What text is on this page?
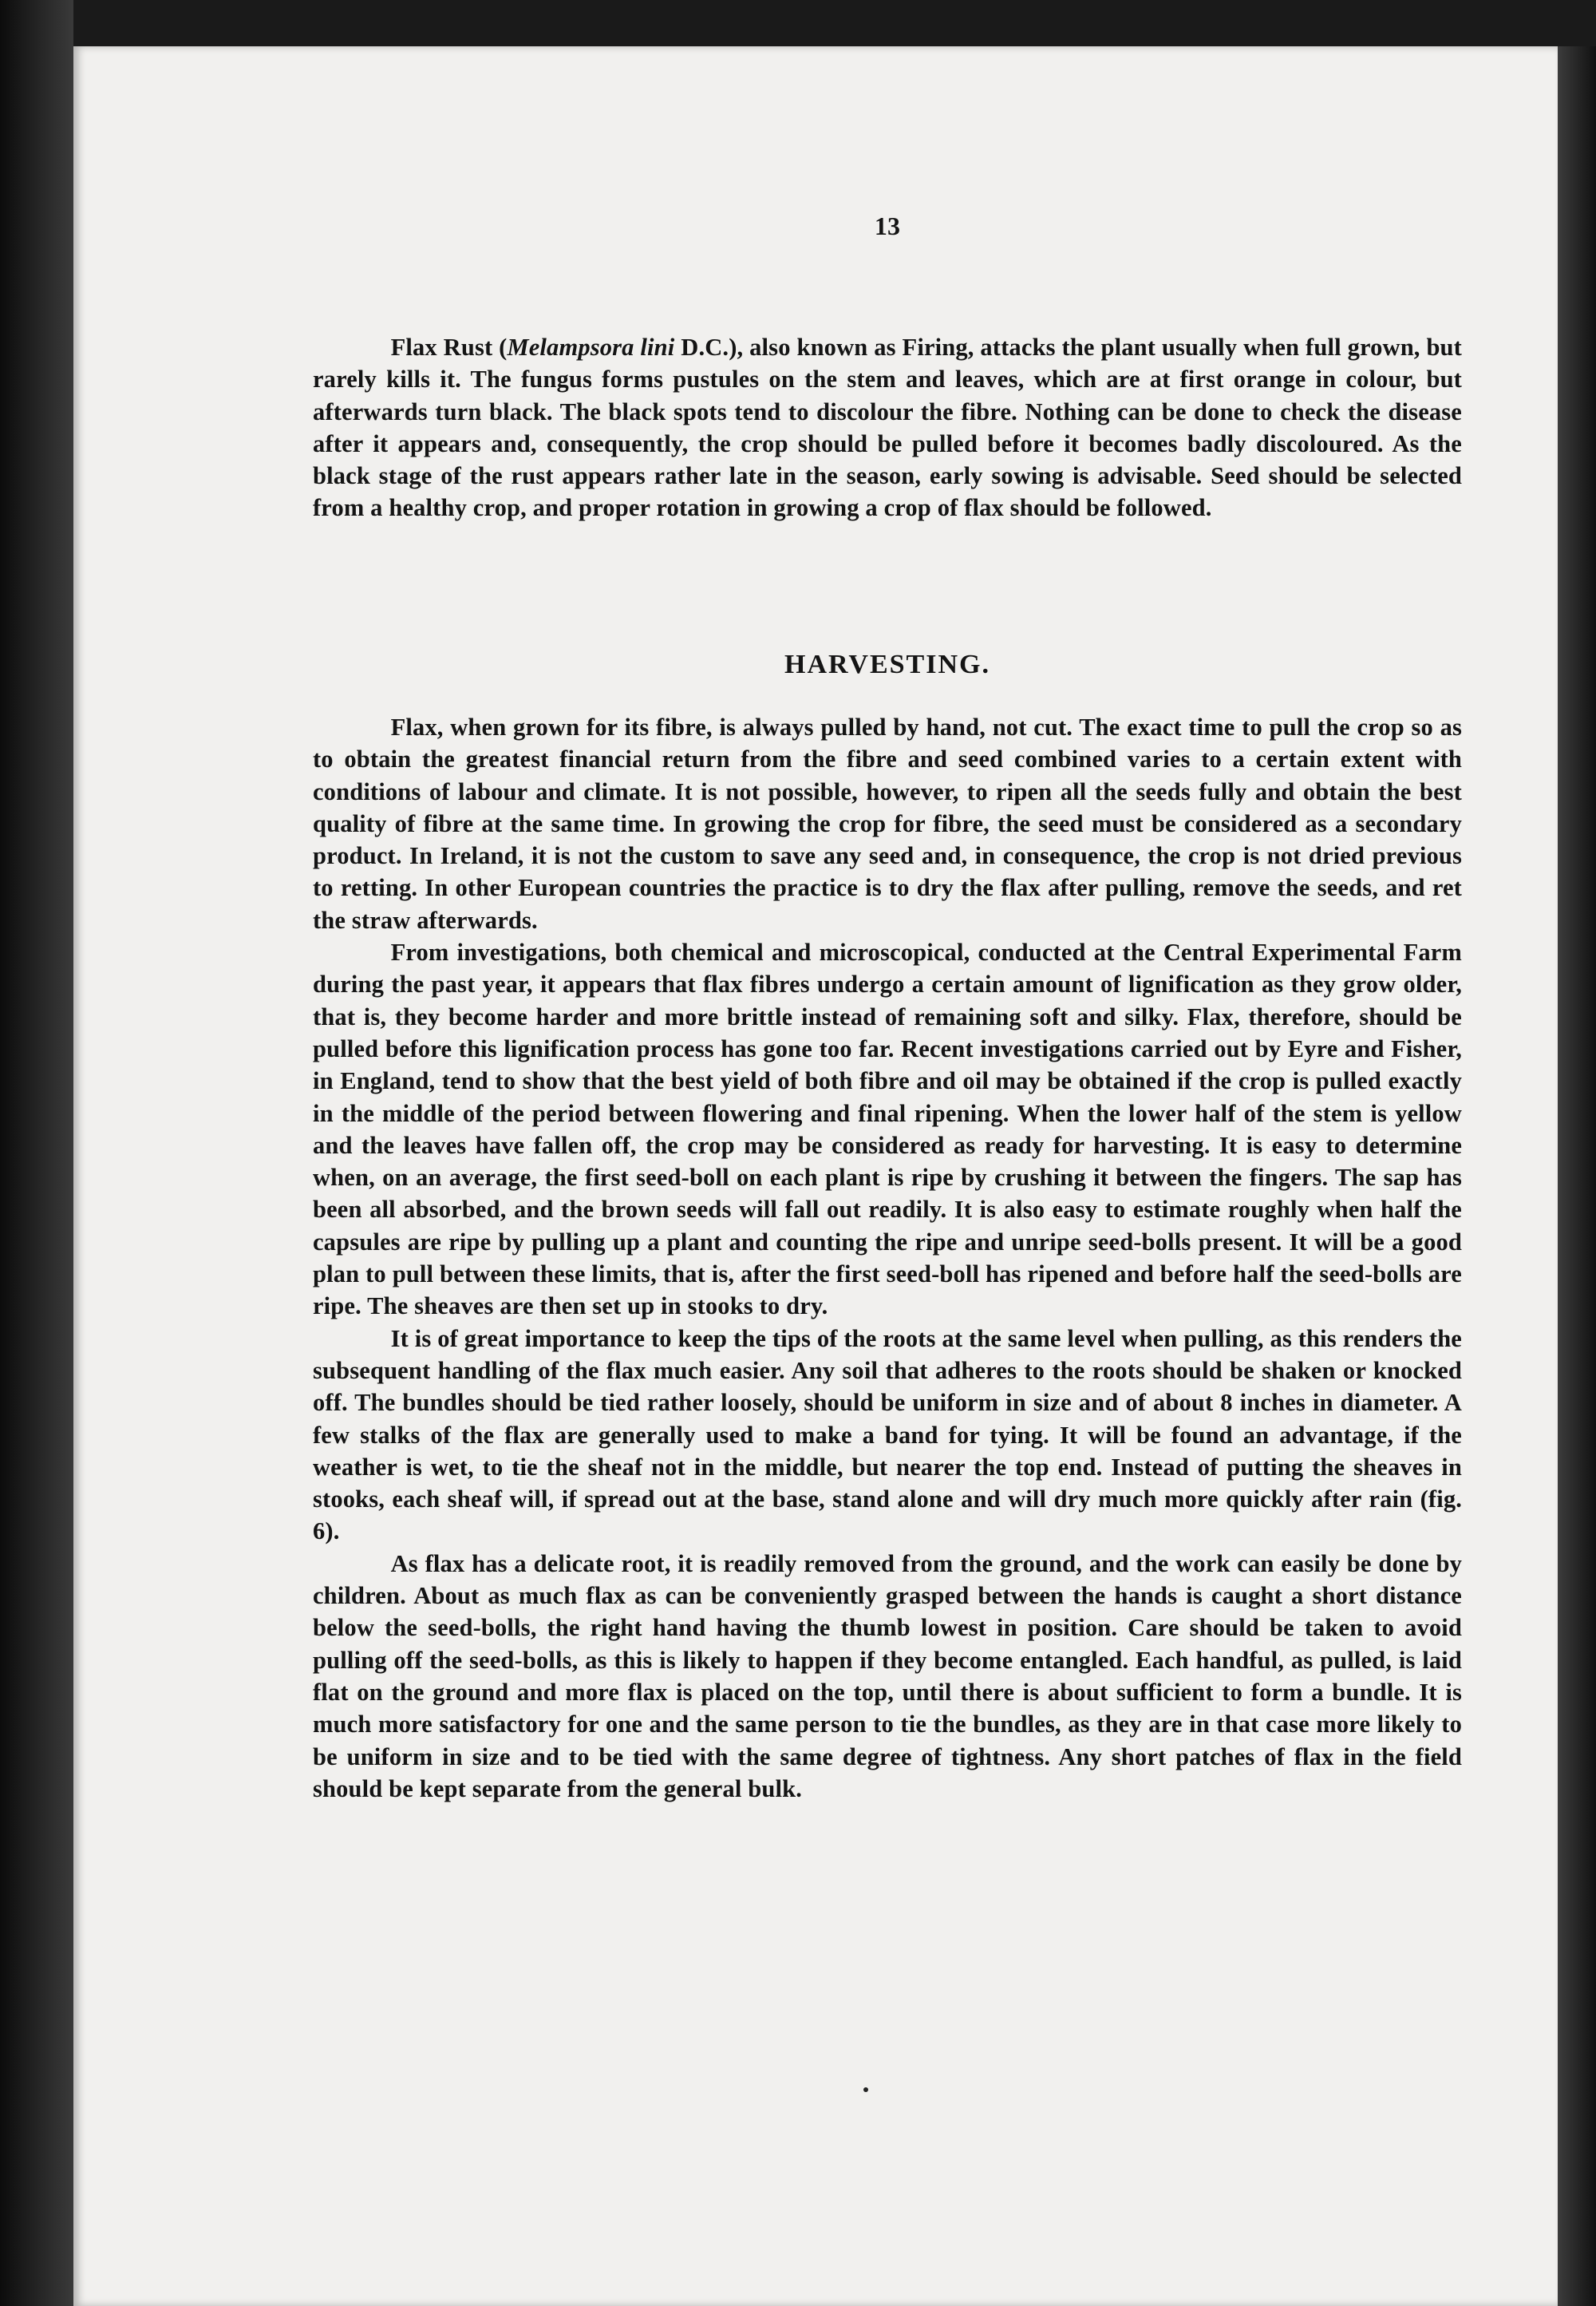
13

Flax Rust (Melampsora lini D.C.), also known as Firing, attacks the plant usually when full grown, but rarely kills it. The fungus forms pustules on the stem and leaves, which are at first orange in colour, but afterwards turn black. The black spots tend to discolour the fibre. Nothing can be done to check the disease after it appears and, consequently, the crop should be pulled before it becomes badly discoloured. As the black stage of the rust appears rather late in the season, early sowing is advisable. Seed should be selected from a healthy crop, and proper rotation in growing a crop of flax should be followed.

HARVESTING.

Flax, when grown for its fibre, is always pulled by hand, not cut. The exact time to pull the crop so as to obtain the greatest financial return from the fibre and seed combined varies to a certain extent with conditions of labour and climate. It is not possible, however, to ripen all the seeds fully and obtain the best quality of fibre at the same time. In growing the crop for fibre, the seed must be considered as a secondary product. In Ireland, it is not the custom to save any seed and, in consequence, the crop is not dried previous to retting. In other European countries the practice is to dry the flax after pulling, remove the seeds, and ret the straw afterwards.

From investigations, both chemical and microscopical, conducted at the Central Experimental Farm during the past year, it appears that flax fibres undergo a certain amount of lignification as they grow older, that is, they become harder and more brittle instead of remaining soft and silky. Flax, therefore, should be pulled before this lignification process has gone too far. Recent investigations carried out by Eyre and Fisher, in England, tend to show that the best yield of both fibre and oil may be obtained if the crop is pulled exactly in the middle of the period between flowering and final ripening. When the lower half of the stem is yellow and the leaves have fallen off, the crop may be considered as ready for harvesting. It is easy to determine when, on an average, the first seed-boll on each plant is ripe by crushing it between the fingers. The sap has been all absorbed, and the brown seeds will fall out readily. It is also easy to estimate roughly when half the capsules are ripe by pulling up a plant and counting the ripe and unripe seed-bolls present. It will be a good plan to pull between these limits, that is, after the first seed-boll has ripened and before half the seed-bolls are ripe. The sheaves are then set up in stooks to dry.

It is of great importance to keep the tips of the roots at the same level when pulling, as this renders the subsequent handling of the flax much easier. Any soil that adheres to the roots should be shaken or knocked off. The bundles should be tied rather loosely, should be uniform in size and of about 8 inches in diameter. A few stalks of the flax are generally used to make a band for tying. It will be found an advantage, if the weather is wet, to tie the sheaf not in the middle, but nearer the top end. Instead of putting the sheaves in stooks, each sheaf will, if spread out at the base, stand alone and will dry much more quickly after rain (fig. 6).

As flax has a delicate root, it is readily removed from the ground, and the work can easily be done by children. About as much flax as can be conveniently grasped between the hands is caught a short distance below the seed-bolls, the right hand having the thumb lowest in position. Care should be taken to avoid pulling off the seed-bolls, as this is likely to happen if they become entangled. Each handful, as pulled, is laid flat on the ground and more flax is placed on the top, until there is about sufficient to form a bundle. It is much more satisfactory for one and the same person to tie the bundles, as they are in that case more likely to be uniform in size and to be tied with the same degree of tightness. Any short patches of flax in the field should be kept separate from the general bulk.
